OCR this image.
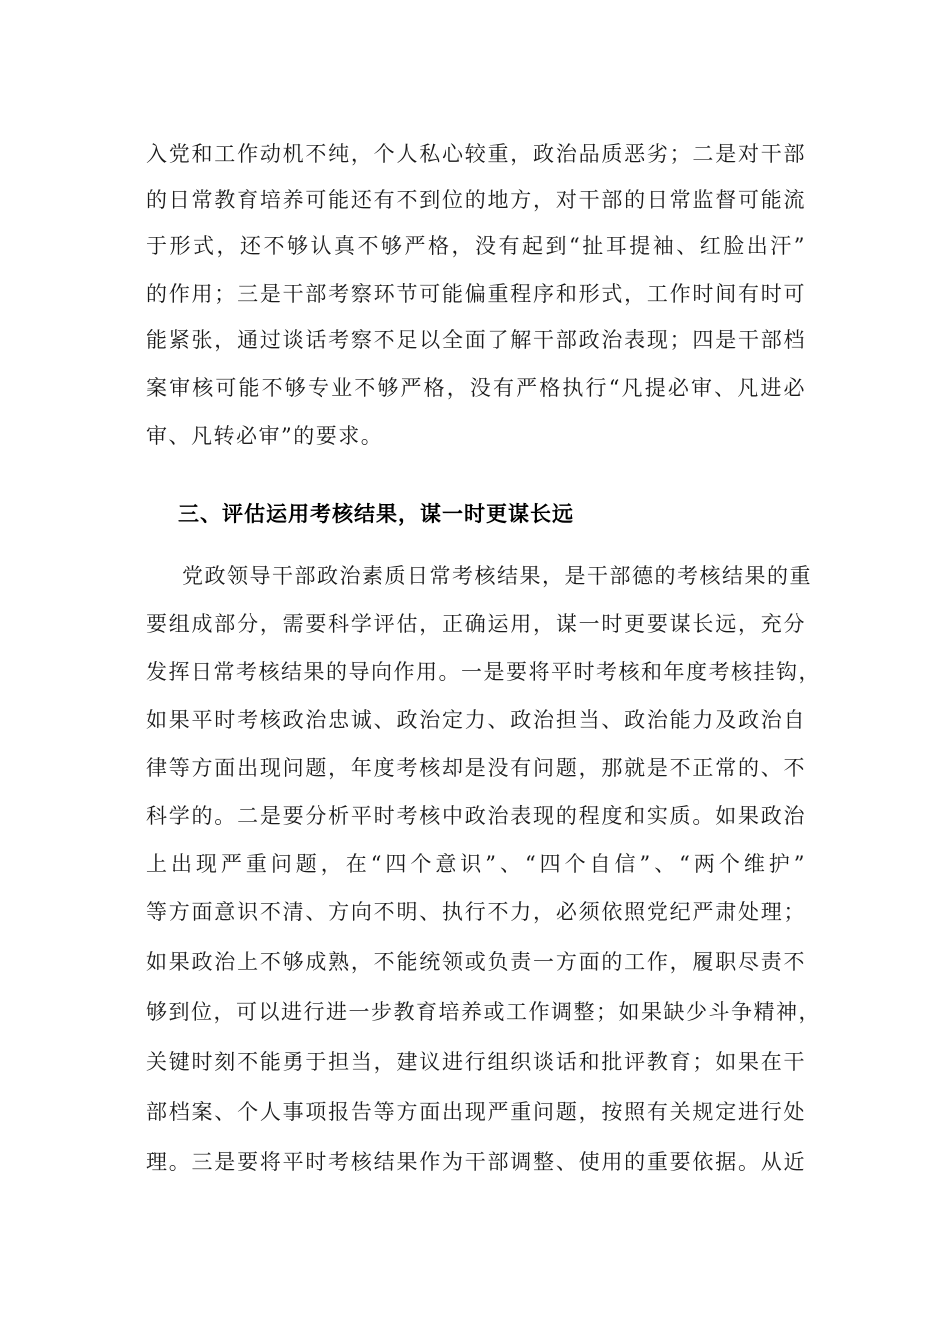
入党和工作动机不纯，个人私心较重，政治品质恶劣；二是对干部
的日常教育培养可能还有不到位的地方，对干部的日常监督可能流
于形式，还不够认真不够严格，没有起到“扯耳提袖、红脸出汗”
的作用；三是干部考察环节可能偏重程序和形式，工作时间有时可
能紧张，通过谈话考察不足以全面了解干部政治表现；四是干部档
案审核可能不够专业不够严格，没有严格执行“凡提必审、凡进必
审、凡转必审”的要求。
三、评估运用考核结果，谋一时更谋长远
党政领导干部政治素质日常考核结果，是干部德的考核结果的重
要组成部分，需要科学评估，正确运用，谋一时更要谋长远，充分
发挥日常考核结果的导向作用。一是要将平时考核和年度考核挂钩，
如果平时考核政治忠诚、政治定力、政治担当、政治能力及政治自
律等方面出现问题，年度考核却是没有问题，那就是不正常的、不
科学的。二是要分析平时考核中政治表现的程度和实质。如果政治
上出现严重问题，在“四个意识”、“四个自信”、“两个维护”
等方面意识不清、方向不明、执行不力，必须依照党纪严肃处理；
如果政治上不够成熟，不能统领或负责一方面的工作，履职尽责不
够到位，可以进行进一步教育培养或工作调整；如果缺少斗争精神，
关键时刻不能勇于担当，建议进行组织谈话和批评教育；如果在干
部档案、个人事项报告等方面出现严重问题，按照有关规定进行处
理。三是要将平时考核结果作为干部调整、使用的重要依据。从近
